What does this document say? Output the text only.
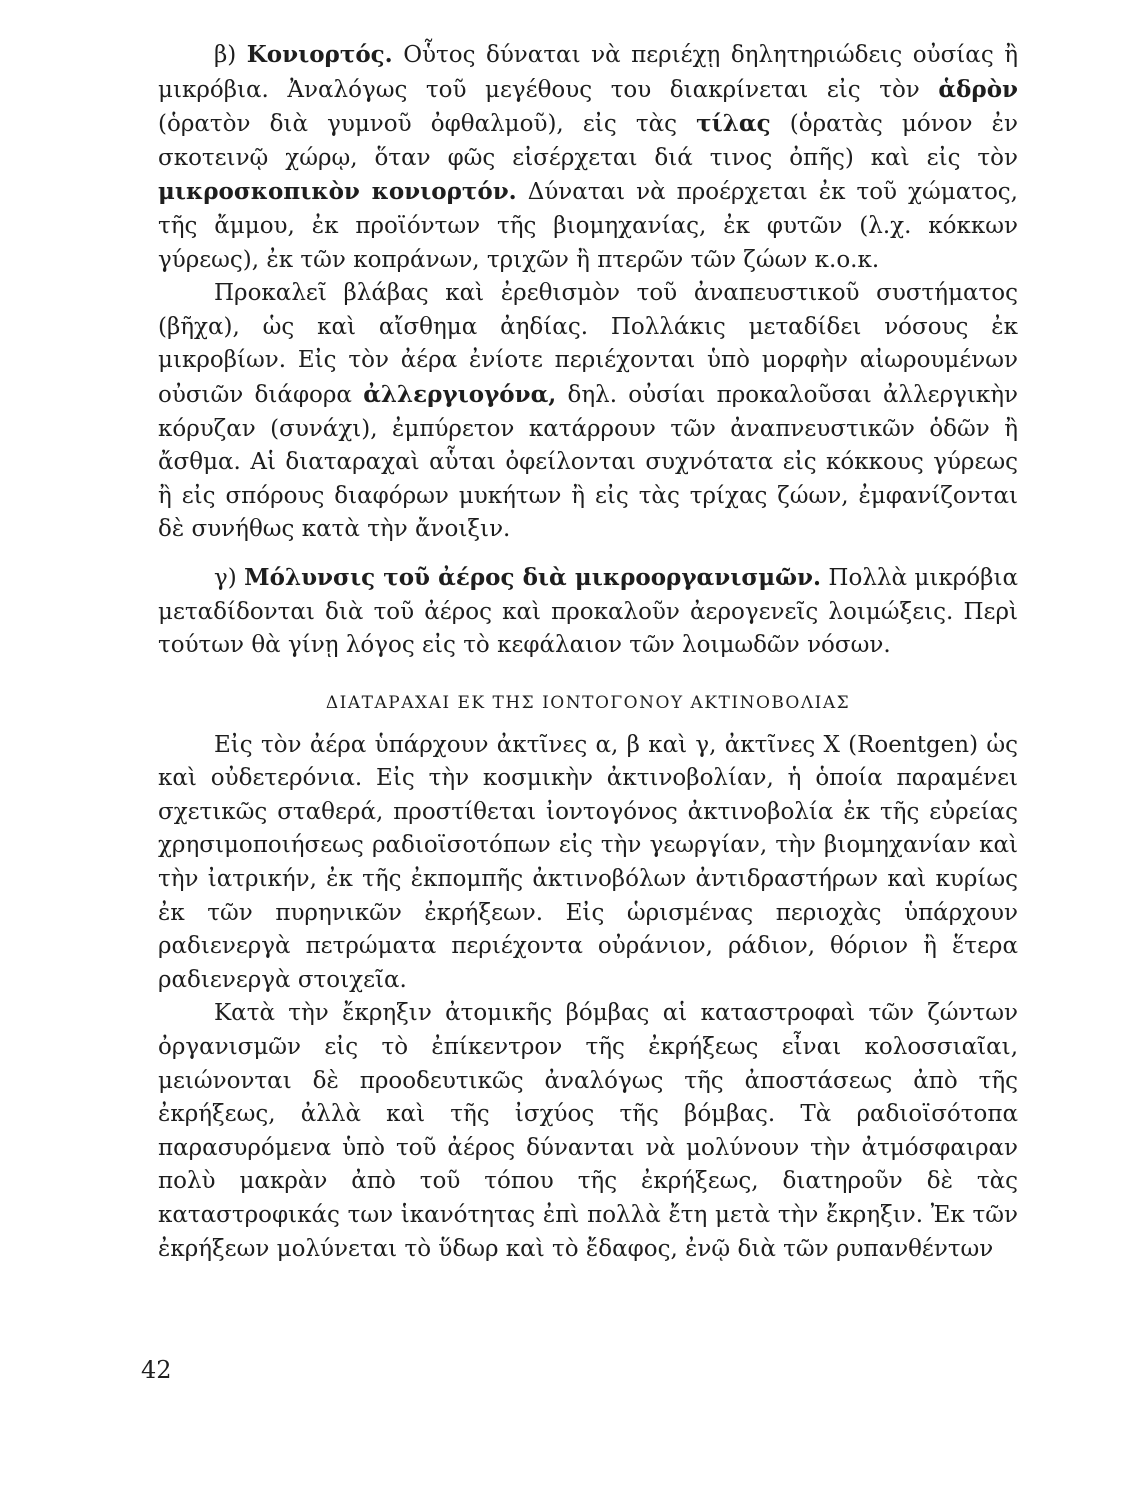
β) Κονιορτός. Οὗτος δύναται νὰ περιέχῃ δηλητηριώδεις οὐσίας ἢ μικρόβια. Ἀναλόγως τοῦ μεγέθους του διακρίνεται εἰς τὸν ἁδρὸν (ὁρατὸν διὰ γυμνοῦ ὀφθαλμοῦ), εἰς τὰς τίλας (ὁρατὰς μόνον ἐν σκοτεινῷ χώρῳ, ὅταν φῶς εἰσέρχεται διά τινος ὀπῆς) καὶ εἰς τὸν μικροσκοπικὸν κονιορτόν. Δύναται νὰ προέρχεται ἐκ τοῦ χώματος, τῆς ἄμμου, ἐκ προϊόντων τῆς βιομηχανίας, ἐκ φυτῶν (λ.χ. κόκκων γύρεως), ἐκ τῶν κοπράνων, τριχῶν ἢ πτερῶν τῶν ζώων κ.ο.κ.

Προκαλεῖ βλάβας καὶ ἐρεθισμὸν τοῦ ἀναπευστικοῦ συστήματος (βῆχα), ὡς καὶ αἴσθημα ἀηδίας. Πολλάκις μεταδίδει νόσους ἐκ μικροβίων. Εἰς τὸν ἀέρα ἐνίοτε περιέχονται ὑπὸ μορφὴν αἰωρουμένων οὐσιῶν διάφορα ἀλλεργιογόνα, δηλ. οὐσίαι προκαλοῦσαι ἀλλεργικὴν κόρυζαν (συνάχι), ἐμπύρετον κατάρρουν τῶν ἀναπνευστικῶν ὁδῶν ἢ ἄσθμα. Αἱ διαταραχαὶ αὗται ὀφείλονται συχνότατα εἰς κόκκους γύρεως ἢ εἰς σπόρους διαφόρων μυκήτων ἢ εἰς τὰς τρίχας ζώων, ἐμφανίζονται δὲ συνήθως κατὰ τὴν ἄνοιξιν.

γ) Μόλυνσις τοῦ ἀέρος διὰ μικροοργανισμῶν. Πολλὰ μικρόβια μεταδίδονται διὰ τοῦ ἀέρος καὶ προκαλοῦν ἀερογενεῖς λοιμώξεις. Περὶ τούτων θὰ γίνῃ λόγος εἰς τὸ κεφάλαιον τῶν λοιμωδῶν νόσων.

ΔΙΑΤΑΡΑΧΑΙ ΕΚ ΤΗΣ ΙΟΝΤΟΓΟΝΟΥ ΑΚΤΙΝΟΒΟΛΙΑΣ

Εἰς τὸν ἀέρα ὑπάρχουν ἀκτῖνες α, β καὶ γ, ἀκτῖνες Χ (Roentgen) ὡς καὶ οὐδετερόνια. Εἰς τὴν κοσμικὴν ἀκτινοβολίαν, ἡ ὁποία παραμένει σχετικῶς σταθερά, προστίθεται ἰοντογόνος ἀκτινοβολία ἐκ τῆς εὐρείας χρησιμοποιήσεως ραδιοϊσοτόπων εἰς τὴν γεωργίαν, τὴν βιομηχανίαν καὶ τὴν ἰατρικήν, ἐκ τῆς ἐκπομπῆς ἀκτινοβόλων ἀντιδραστήρων καὶ κυρίως ἐκ τῶν πυρηνικῶν ἐκρήξεων. Εἰς ὡρισμένας περιοχὰς ὑπάρχουν ραδιενεργὰ πετρώματα περιέχοντα οὐράνιον, ράδιον, θόριον ἢ ἕτερα ραδιενεργὰ στοιχεῖα.

Κατὰ τὴν ἔκρηξιν ἀτομικῆς βόμβας αἱ καταστροφαὶ τῶν ζώντων ὀργανισμῶν εἰς τὸ ἐπίκεντρον τῆς ἐκρήξεως εἶναι κολοσσιαῖαι, μειώνονται δὲ προοδευτικῶς ἀναλόγως τῆς ἀποστάσεως ἀπὸ τῆς ἐκρήξεως, ἀλλὰ καὶ τῆς ἰσχύος τῆς βόμβας. Τὰ ραδιοϊσότοπα παρασυρόμενα ὑπὸ τοῦ ἀέρος δύνανται νὰ μολύνουν τὴν ἀτμόσφαιραν πολὺ μακρὰν ἀπὸ τοῦ τόπου τῆς ἐκρήξεως, διατηροῦν δὲ τὰς καταστροφικάς των ἱκανότητας ἐπὶ πολλὰ ἔτη μετὰ τὴν ἔκρηξιν. Ἐκ τῶν ἐκρήξεων μολύνεται τὸ ὕδωρ καὶ τὸ ἔδαφος, ἐνῷ διὰ τῶν ρυπανθέντων

42
